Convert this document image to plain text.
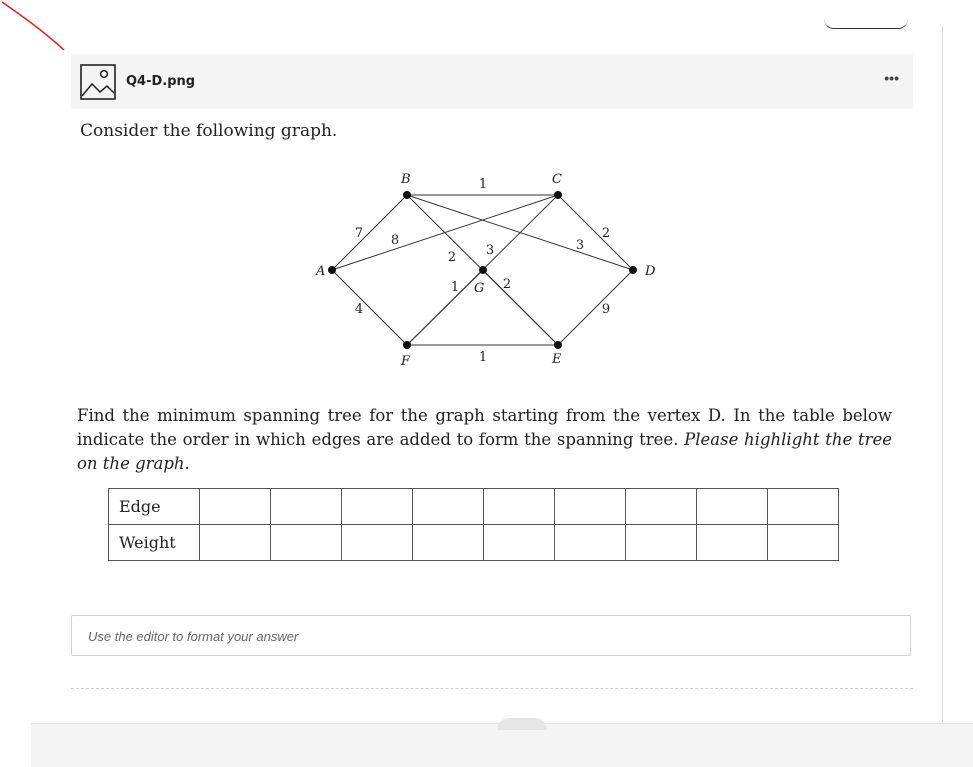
Q4-D.png	•••
Consider the following graph.
1
7 8
2 3	3
2
4
1	2
9
1
A
B	C
D
E
F
G
Find the minimum spanning tree for the graph starting from the vertex D. In the table below indicate the order in which edges are added to form the spanning tree. Please highlight the tree on the graph.
Edge									
Weight									
Use the editor to format your answer
